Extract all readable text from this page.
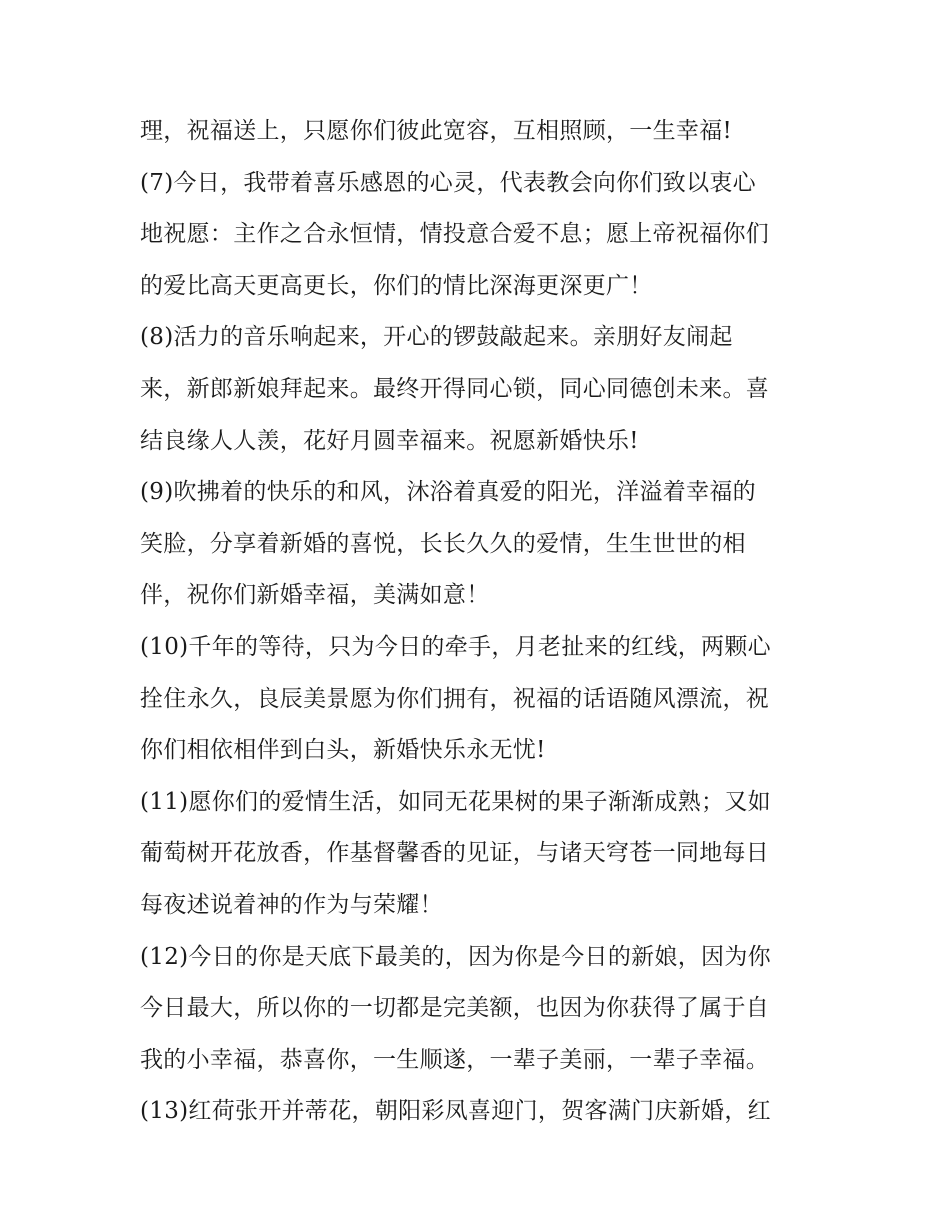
理，祝福送上，只愿你们彼此宽容，互相照顾，一生幸福!
(7)今日，我带着喜乐感恩的心灵，代表教会向你们致以衷心
地祝愿：主作之合永恒情，情投意合爱不息；愿上帝祝福你们
的爱比高天更高更长，你们的情比深海更深更广！
(8)活力的音乐响起来，开心的锣鼓敲起来。亲朋好友闹起
来，新郎新娘拜起来。最终开得同心锁，同心同德创未来。喜
结良缘人人羡，花好月圆幸福来。祝愿新婚快乐!
(9)吹拂着的快乐的和风，沐浴着真爱的阳光，洋溢着幸福的
笑脸，分享着新婚的喜悦，长长久久的爱情，生生世世的相
伴，祝你们新婚幸福，美满如意！
(10)千年的等待，只为今日的牵手，月老扯来的红线，两颗心
拴住永久，良辰美景愿为你们拥有，祝福的话语随风漂流，祝
你们相依相伴到白头，新婚快乐永无忧!
(11)愿你们的爱情生活，如同无花果树的果子渐渐成熟；又如
葡萄树开花放香，作基督馨香的见证，与诸天穹苍一同地每日
每夜述说着神的作为与荣耀！
(12)今日的你是天底下最美的，因为你是今日的新娘，因为你
今日最大，所以你的一切都是完美额，也因为你获得了属于自
我的小幸福，恭喜你，一生顺遂，一辈子美丽，一辈子幸福。
(13)红荷张开并蒂花，朝阳彩凤喜迎门，贺客满门庆新婚，红
